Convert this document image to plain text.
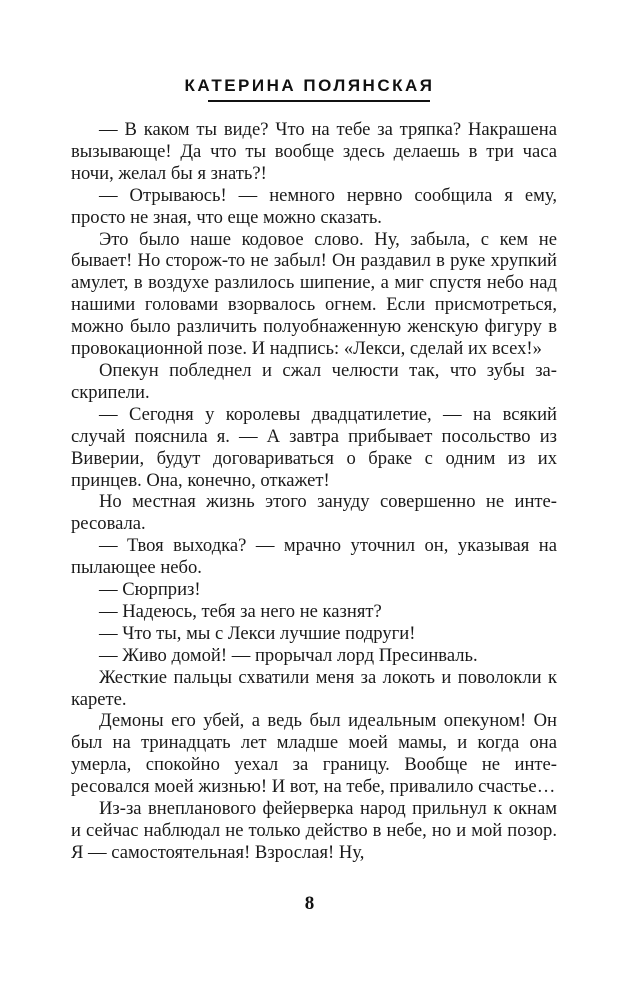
КАТЕРИНА ПОЛЯНСКАЯ

— В каком ты виде? Что на тебе за тряпка? Накрашена вызывающе! Да что ты вообще здесь делаешь в три часа ночи, желал бы я знать?!

— Отрываюсь! — немного нервно сообщила я ему, просто не зная, что еще можно сказать.

Это было наше кодовое слово. Ну, забыла, с кем не бывает! Но сторож-то не забыл! Он раздавил в руке хрупкий амулет, в воздухе разлилось шипение, а миг спустя небо над нашими головами взорвалось огнем. Если присмотреться, можно было различить полуобнаженную женскую фигуру в провокационной позе. И надпись: «Лекси, сделай их всех!»

Опекун побледнел и сжал челюсти так, что зубы заскрипели.

— Сегодня у королевы двадцатилетие, — на всякий случай пояснила я. — А завтра прибывает посольство из Виверии, будут договариваться о браке с одним из их принцев. Она, конечно, откажет!

Но местная жизнь этого зануду совершенно не интересовала.

— Твоя выходка? — мрачно уточнил он, указывая на пылающее небо.

— Сюрприз!

— Надеюсь, тебя за него не казнят?

— Что ты, мы с Лекси лучшие подруги!

— Живо домой! — прорычал лорд Пресинваль.

Жесткие пальцы схватили меня за локоть и поволокли к карете.

Демоны его убей, а ведь был идеальным опекуном! Он был на тринадцать лет младше моей мамы, и когда она умерла, спокойно уехал за границу. Вообще не интересовался моей жизнью! И вот, на тебе, привалило счастье…

Из-за внепланового фейерверка народ прильнул к окнам и сейчас наблюдал не только действо в небе, но и мой позор. Я — самостоятельная! Взрослая! Ну,

8
